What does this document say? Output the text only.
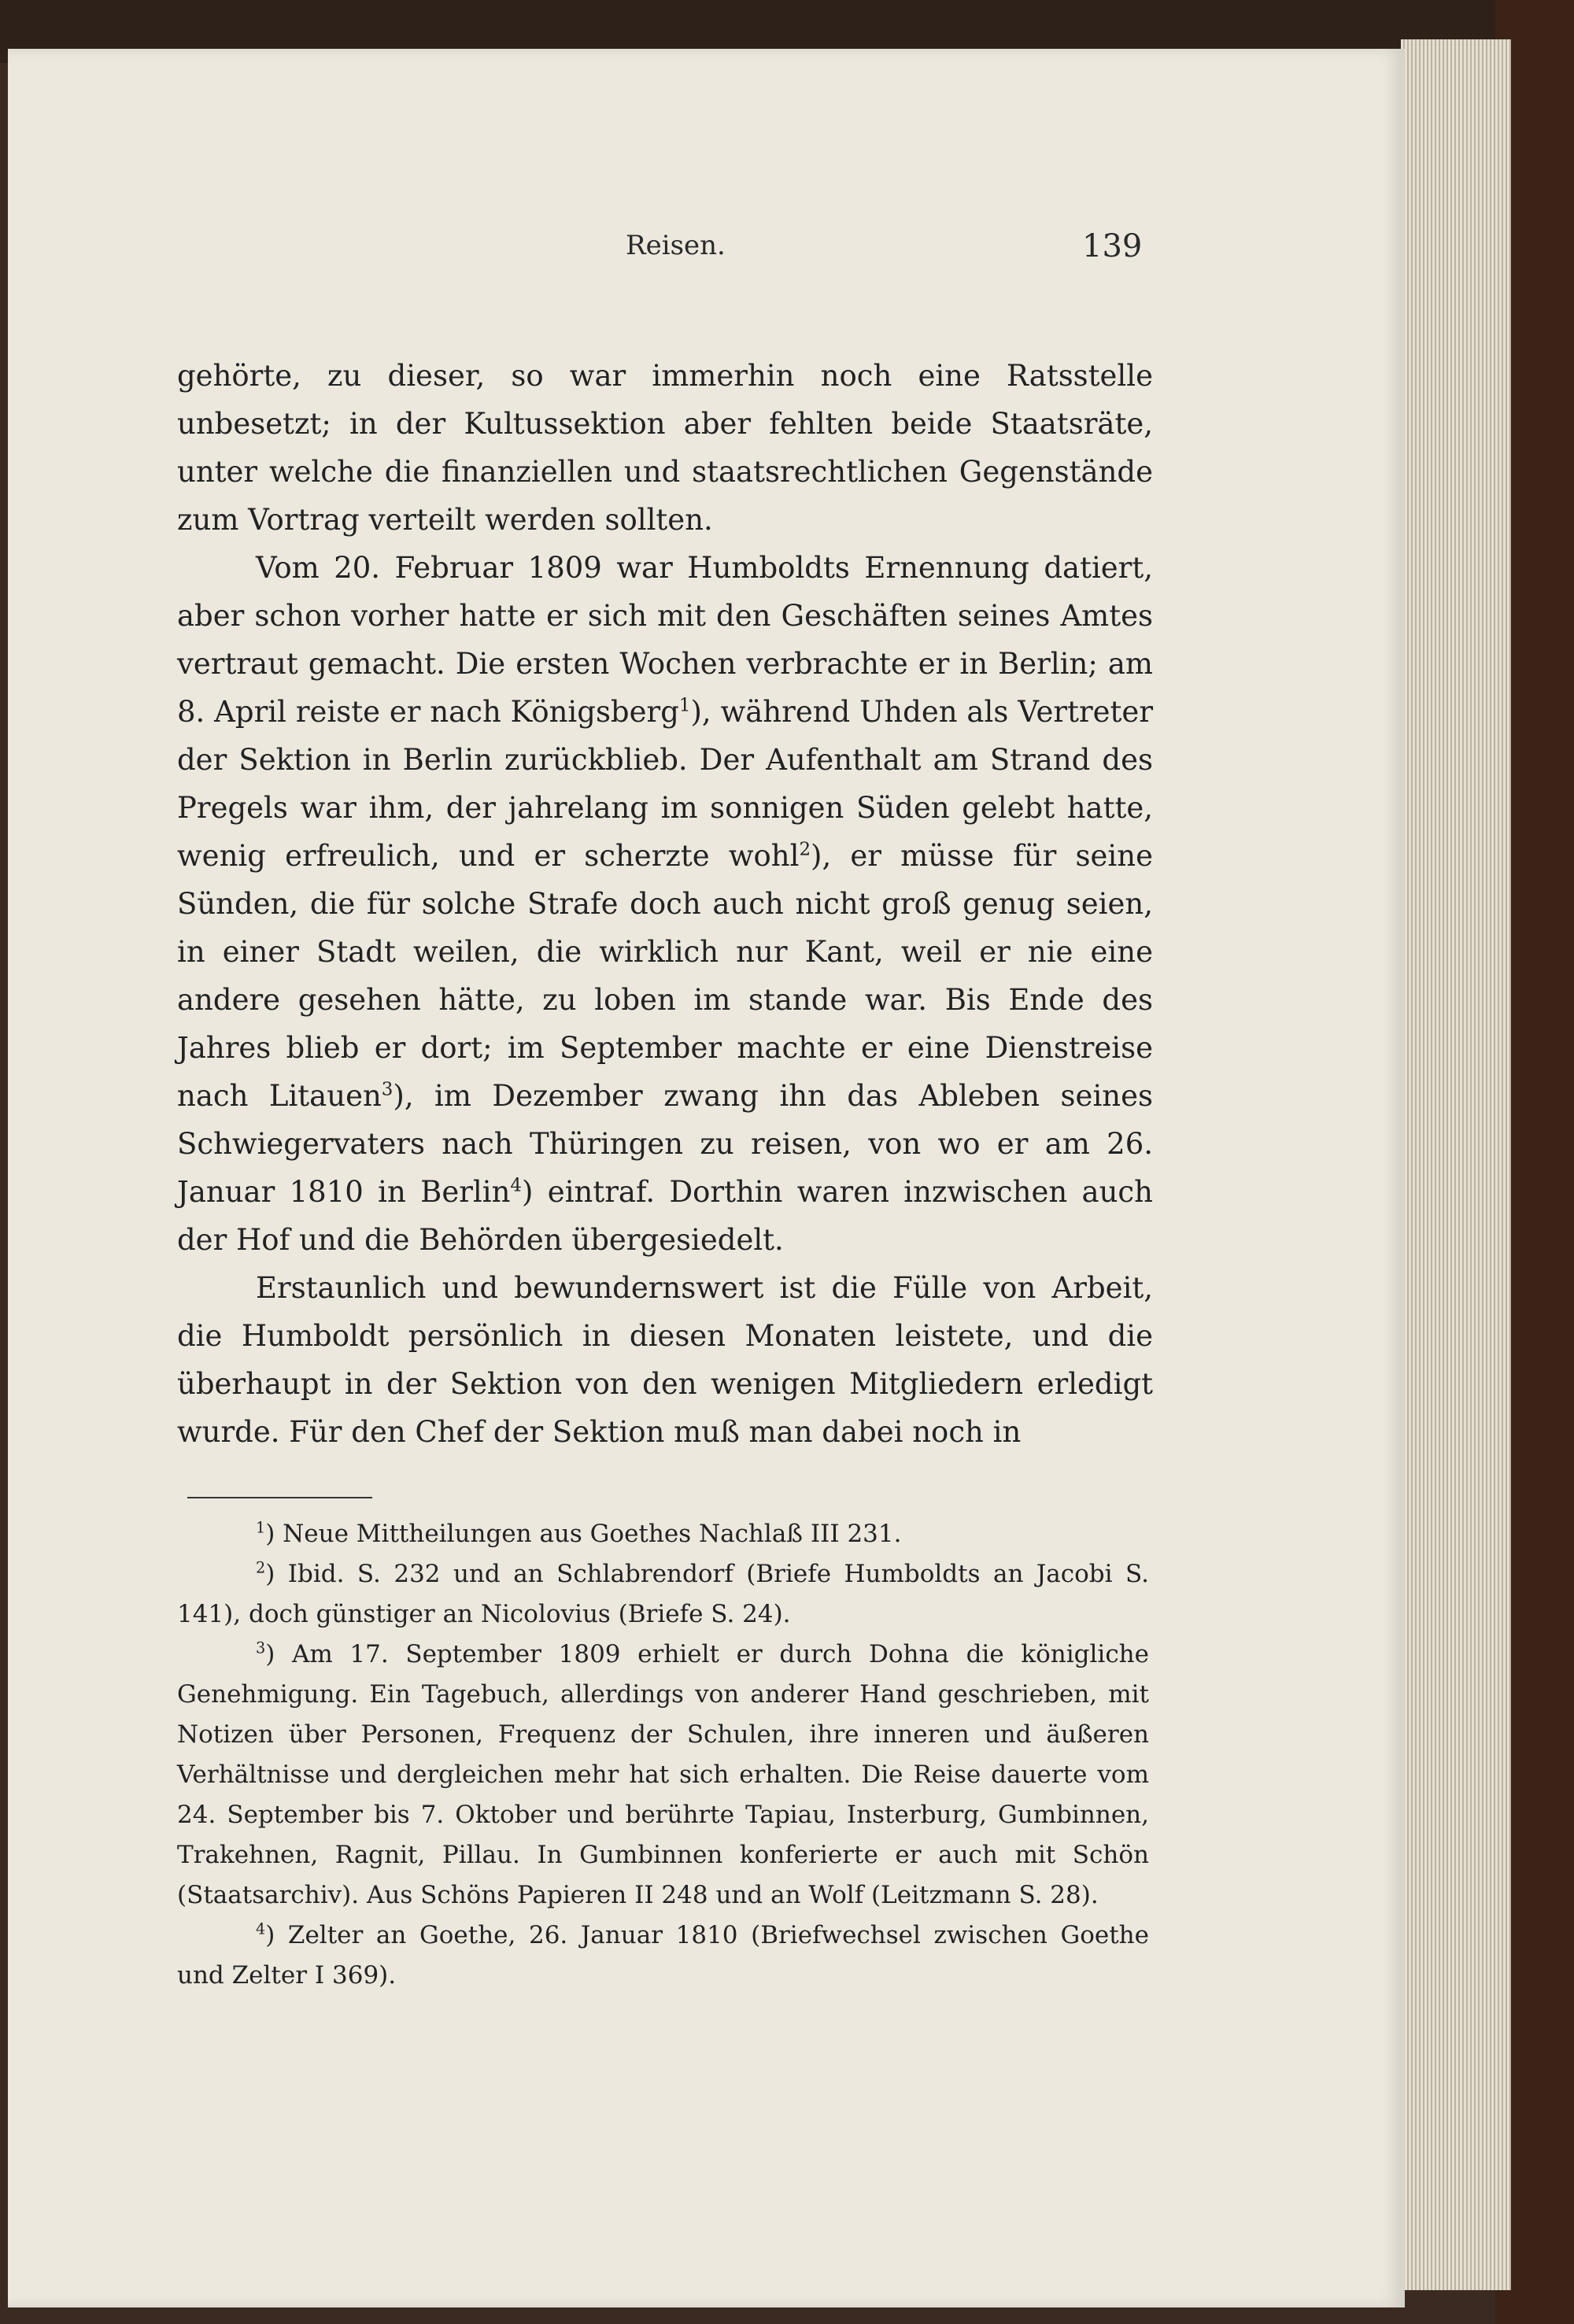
Reisen.	139

gehörte, zu dieser, so war immerhin noch eine Ratsstelle unbesetzt; in der Kultussektion aber fehlten beide Staatsräte, unter welche die finanziellen und staatsrechtlichen Gegenstände zum Vortrag verteilt werden sollten.

Vom 20. Februar 1809 war Humboldts Ernennung datiert, aber schon vorher hatte er sich mit den Geschäften seines Amtes vertraut gemacht. Die ersten Wochen verbrachte er in Berlin; am 8. April reiste er nach Königsberg$^1$), während Uhden als Vertreter der Sektion in Berlin zurückblieb. Der Aufenthalt am Strand des Pregels war ihm, der jahrelang im sonnigen Süden gelebt hatte, wenig erfreulich, und er scherzte wohl$^2$), er müsse für seine Sünden, die für solche Strafe doch auch nicht groß genug seien, in einer Stadt weilen, die wirklich nur Kant, weil er nie eine andere gesehen hätte, zu loben im stande war. Bis Ende des Jahres blieb er dort; im September machte er eine Dienstreise nach Litauen$^3$), im Dezember zwang ihn das Ableben seines Schwiegervaters nach Thüringen zu reisen, von wo er am 26. Januar 1810 in Berlin$^4$) eintraf. Dorthin waren inzwischen auch der Hof und die Behörden übergesiedelt.

Erstaunlich und bewundernswert ist die Fülle von Arbeit, die Humboldt persönlich in diesen Monaten leistete, und die überhaupt in der Sektion von den wenigen Mitgliedern erledigt wurde. Für den Chef der Sektion muß man dabei noch in

$^1$) Neue Mittheilungen aus Goethes Nachlaß III 231.

$^2$) Ibid. S. 232 und an Schlabrendorf (Briefe Humboldts an Jacobi S. 141), doch günstiger an Nicolovius (Briefe S. 24).

$^3$) Am 17. September 1809 erhielt er durch Dohna die königliche Genehmigung. Ein Tagebuch, allerdings von anderer Hand geschrieben, mit Notizen über Personen, Frequenz der Schulen, ihre inneren und äußeren Verhältnisse und dergleichen mehr hat sich erhalten. Die Reise dauerte vom 24. September bis 7. Oktober und berührte Tapiau, Insterburg, Gumbinnen, Trakehnen, Ragnit, Pillau. In Gumbinnen konferierte er auch mit Schön (Staatsarchiv). Aus Schöns Papieren II 248 und an Wolf (Leitzmann S. 28).

$^4$) Zelter an Goethe, 26. Januar 1810 (Briefwechsel zwischen Goethe und Zelter I 369).
